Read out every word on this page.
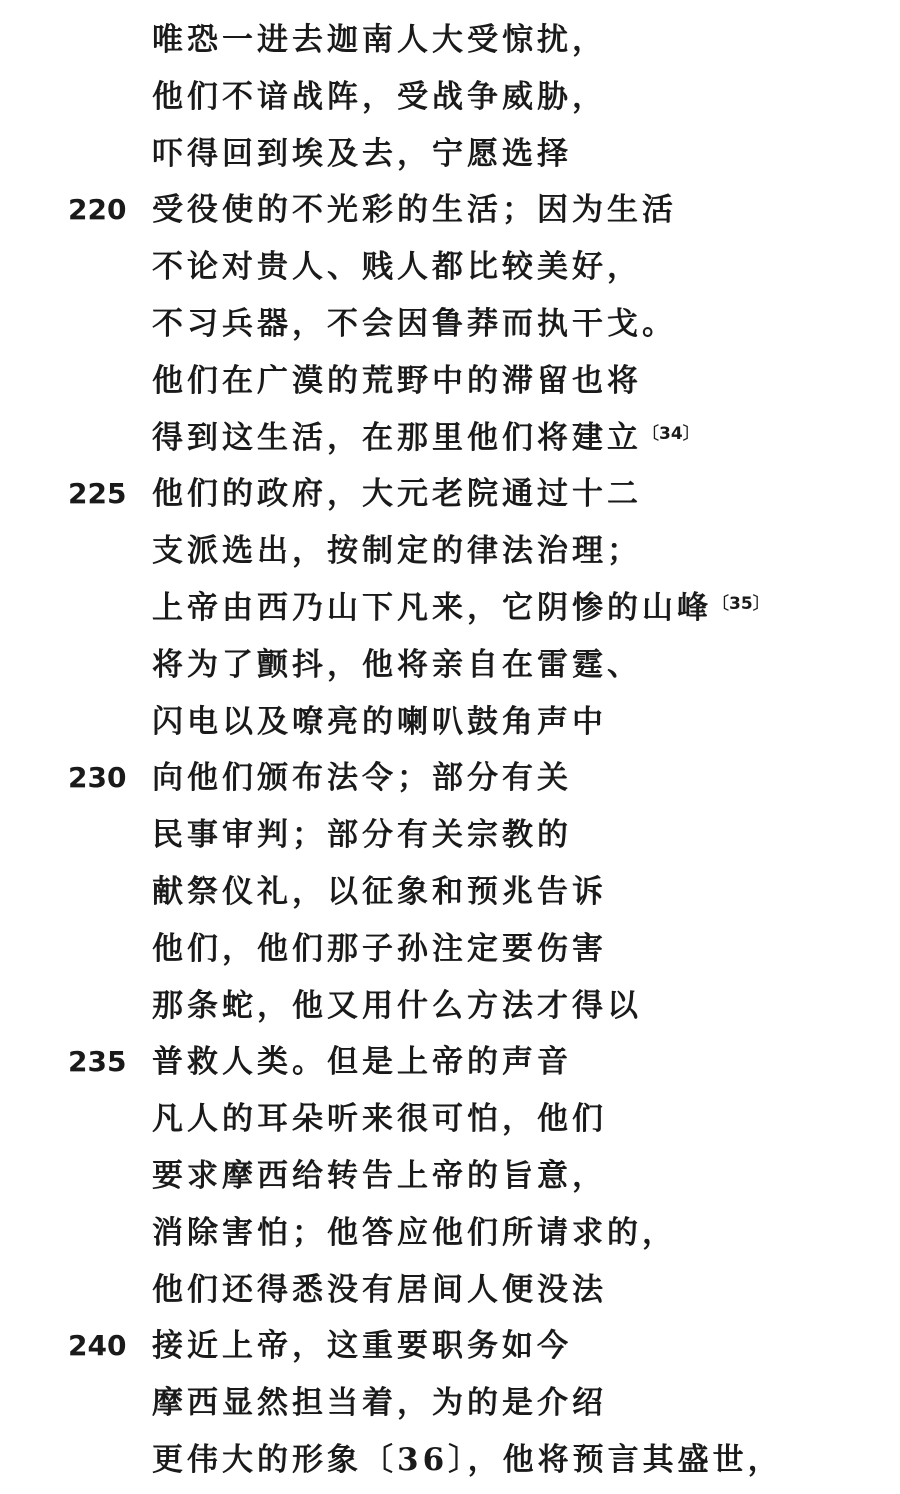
唯恐一进去迦南人大受惊扰，
他们不谙战阵，受战争威胁，
吓得回到埃及去，宁愿选择
220 受役使的不光彩的生活；因为生活
不论对贵人、贱人都比较美好，
不习兵器，不会因鲁莽而执干戈。
他们在广漠的荒野中的滞留也将
得到这生活，在那里他们将建立$^{〔34〕}$
225 他们的政府，大元老院通过十二
支派选出，按制定的律法治理；
上帝由西乃山下凡来，它阴惨的山峰$^{〔35〕}$
将为了颤抖，他将亲自在雷霆、
闪电以及嘹亮的喇叭鼓角声中
230 向他们颁布法令；部分有关
民事审判；部分有关宗教的
献祭仪礼，以征象和预兆告诉
他们，他们那子孙注定要伤害
那条蛇，他又用什么方法才得以
235 普救人类。但是上帝的声音
凡人的耳朵听来很可怕，他们
要求摩西给转告上帝的旨意，
消除害怕；他答应他们所请求的，
他们还得悉没有居间人便没法
240 接近上帝，这重要职务如今
摩西显然担当着，为的是介绍
更伟大的形象〔36〕，他将预言其盛世，
